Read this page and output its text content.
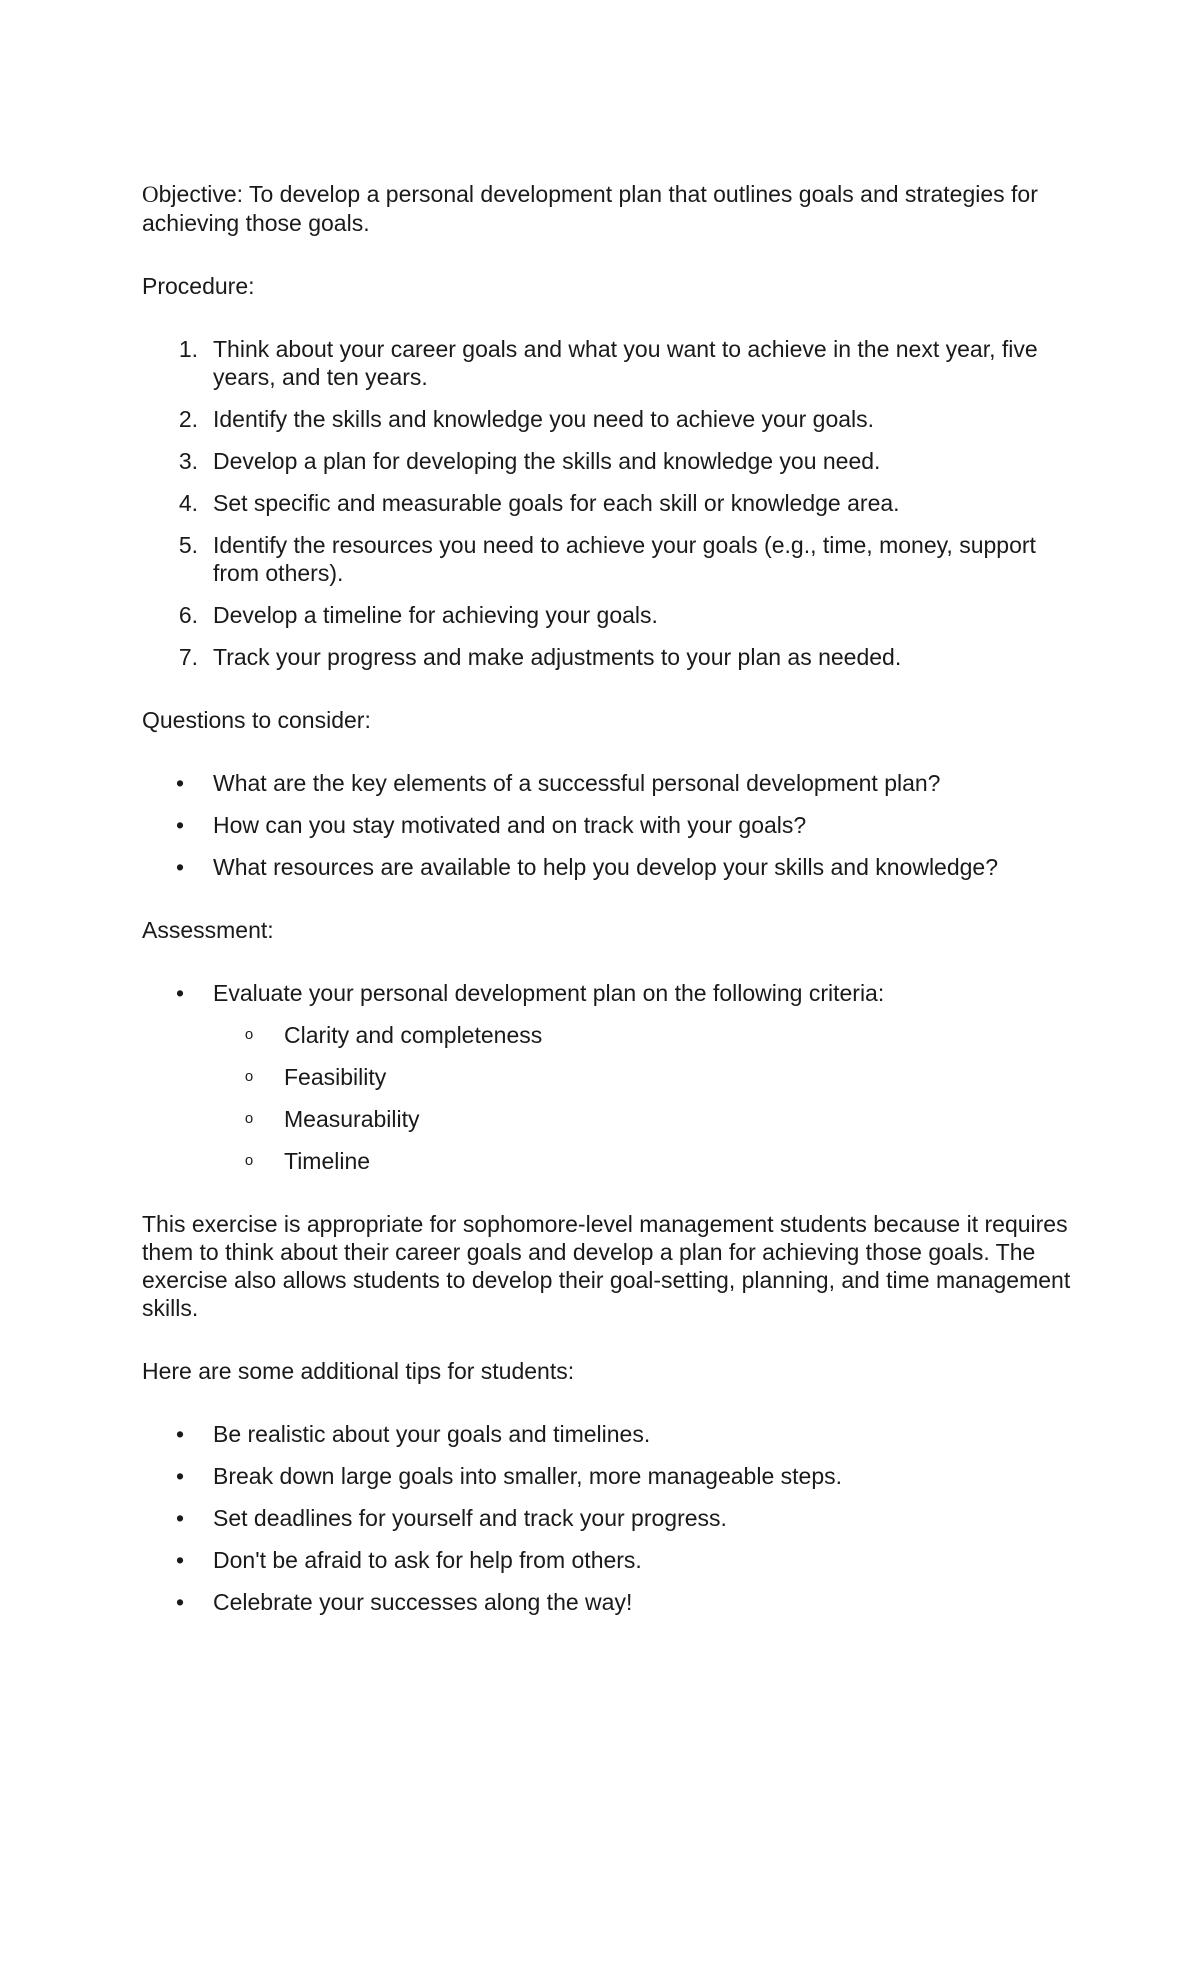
Objective: To develop a personal development plan that outlines goals and strategies for achieving those goals.

Procedure:

1. Think about your career goals and what you want to achieve in the next year, five years, and ten years.
2. Identify the skills and knowledge you need to achieve your goals.
3. Develop a plan for developing the skills and knowledge you need.
4. Set specific and measurable goals for each skill or knowledge area.
5. Identify the resources you need to achieve your goals (e.g., time, money, support from others).
6. Develop a timeline for achieving your goals.
7. Track your progress and make adjustments to your plan as needed.

Questions to consider:

• What are the key elements of a successful personal development plan?
• How can you stay motivated and on track with your goals?
• What resources are available to help you develop your skills and knowledge?

Assessment:

• Evaluate your personal development plan on the following criteria:
o Clarity and completeness
o Feasibility
o Measurability
o Timeline

This exercise is appropriate for sophomore-level management students because it requires them to think about their career goals and develop a plan for achieving those goals. The exercise also allows students to develop their goal-setting, planning, and time management skills.

Here are some additional tips for students:

• Be realistic about your goals and timelines.
• Break down large goals into smaller, more manageable steps.
• Set deadlines for yourself and track your progress.
• Don't be afraid to ask for help from others.
• Celebrate your successes along the way!
